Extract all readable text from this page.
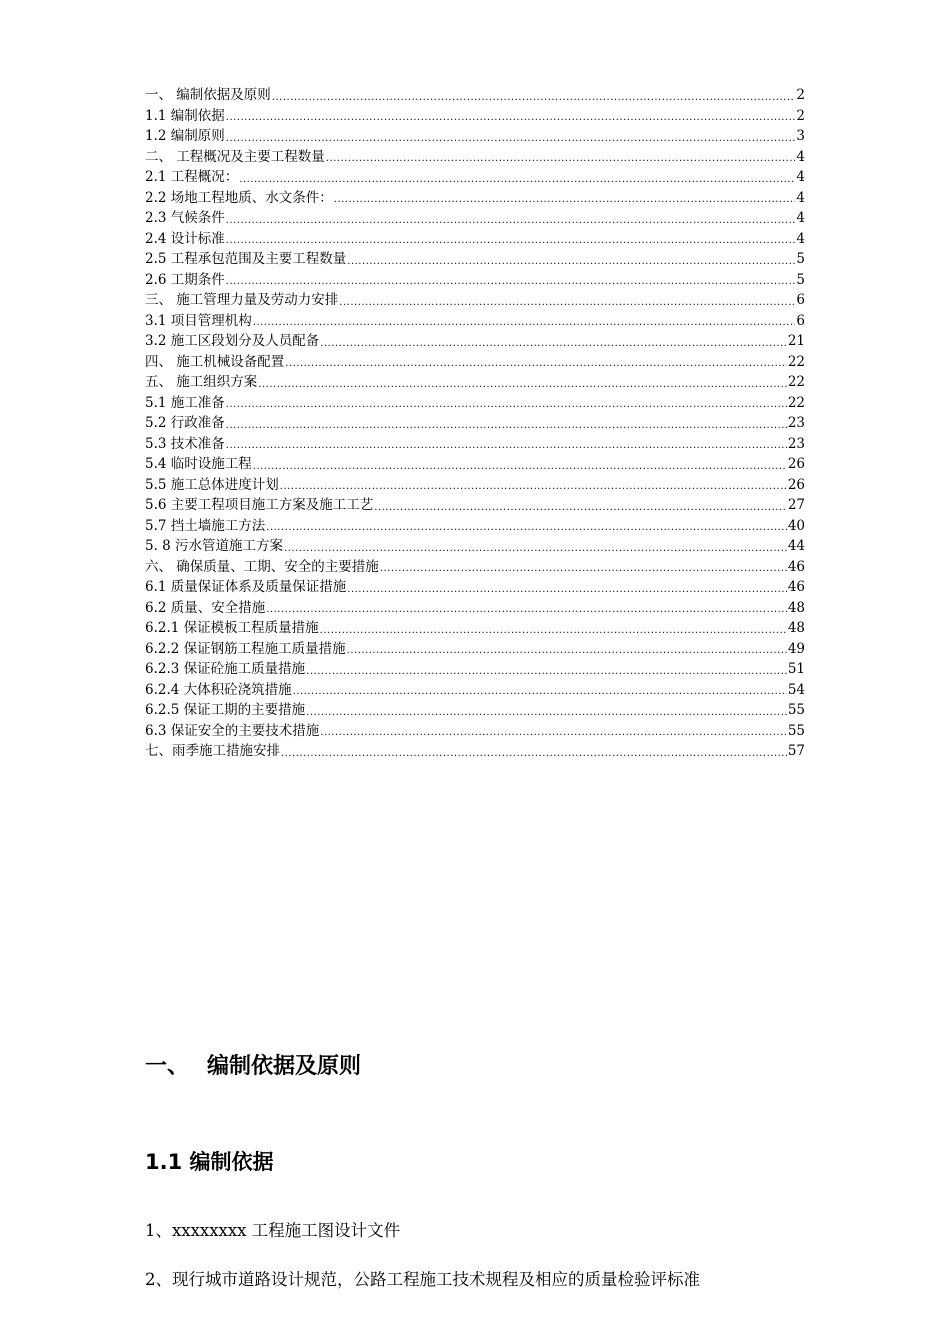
一、 编制依据及原则 .....	2
1.1 编制依据 .....	2
1.2 编制原则 .....	3
二、 工程概况及主要工程数量 .....	4
2.1 工程概况： .....	4
2.2 场地工程地质、水文条件： .....	4
2.3 气候条件 .....	4
2.4 设计标准 .....	4
2.5 工程承包范围及主要工程数量 .....	5
2.6 工期条件 .....	5
三、 施工管理力量及劳动力安排 .....	6
3.1 项目管理机构 .....	6
3.2 施工区段划分及人员配备 .....	21
四、 施工机械设备配置 .....	22
五、 施工组织方案 .....	22
5.1 施工准备 .....	22
5.2 行政准备 .....	23
5.3 技术准备 .....	23
5.4 临时设施工程 .....	26
5.5 施工总体进度计划 .....	26
5.6 主要工程项目施工方案及施工工艺 .....	27
5.7 挡土墙施工方法 .....	40
5. 8 污水管道施工方案 .....	44
六、 确保质量、工期、安全的主要措施 .....	46
6.1 质量保证体系及质量保证措施 .....	46
6.2 质量、安全措施 .....	48
6.2.1 保证模板工程质量措施 .....	48
6.2.2 保证钢筋工程施工质量措施 .....	49
6.2.3 保证砼施工质量措施 .....	51
6.2.4 大体积砼浇筑措施 .....	54
6.2.5 保证工期的主要措施 .....	55
6.3 保证安全的主要技术措施 .....	55
七、雨季施工措施安排 .....	57
一、 编制依据及原则
1.1 编制依据
1、xxxxxxxx 工程施工图设计文件
2、现行城市道路设计规范，公路工程施工技术规程及相应的质量检验评标准
